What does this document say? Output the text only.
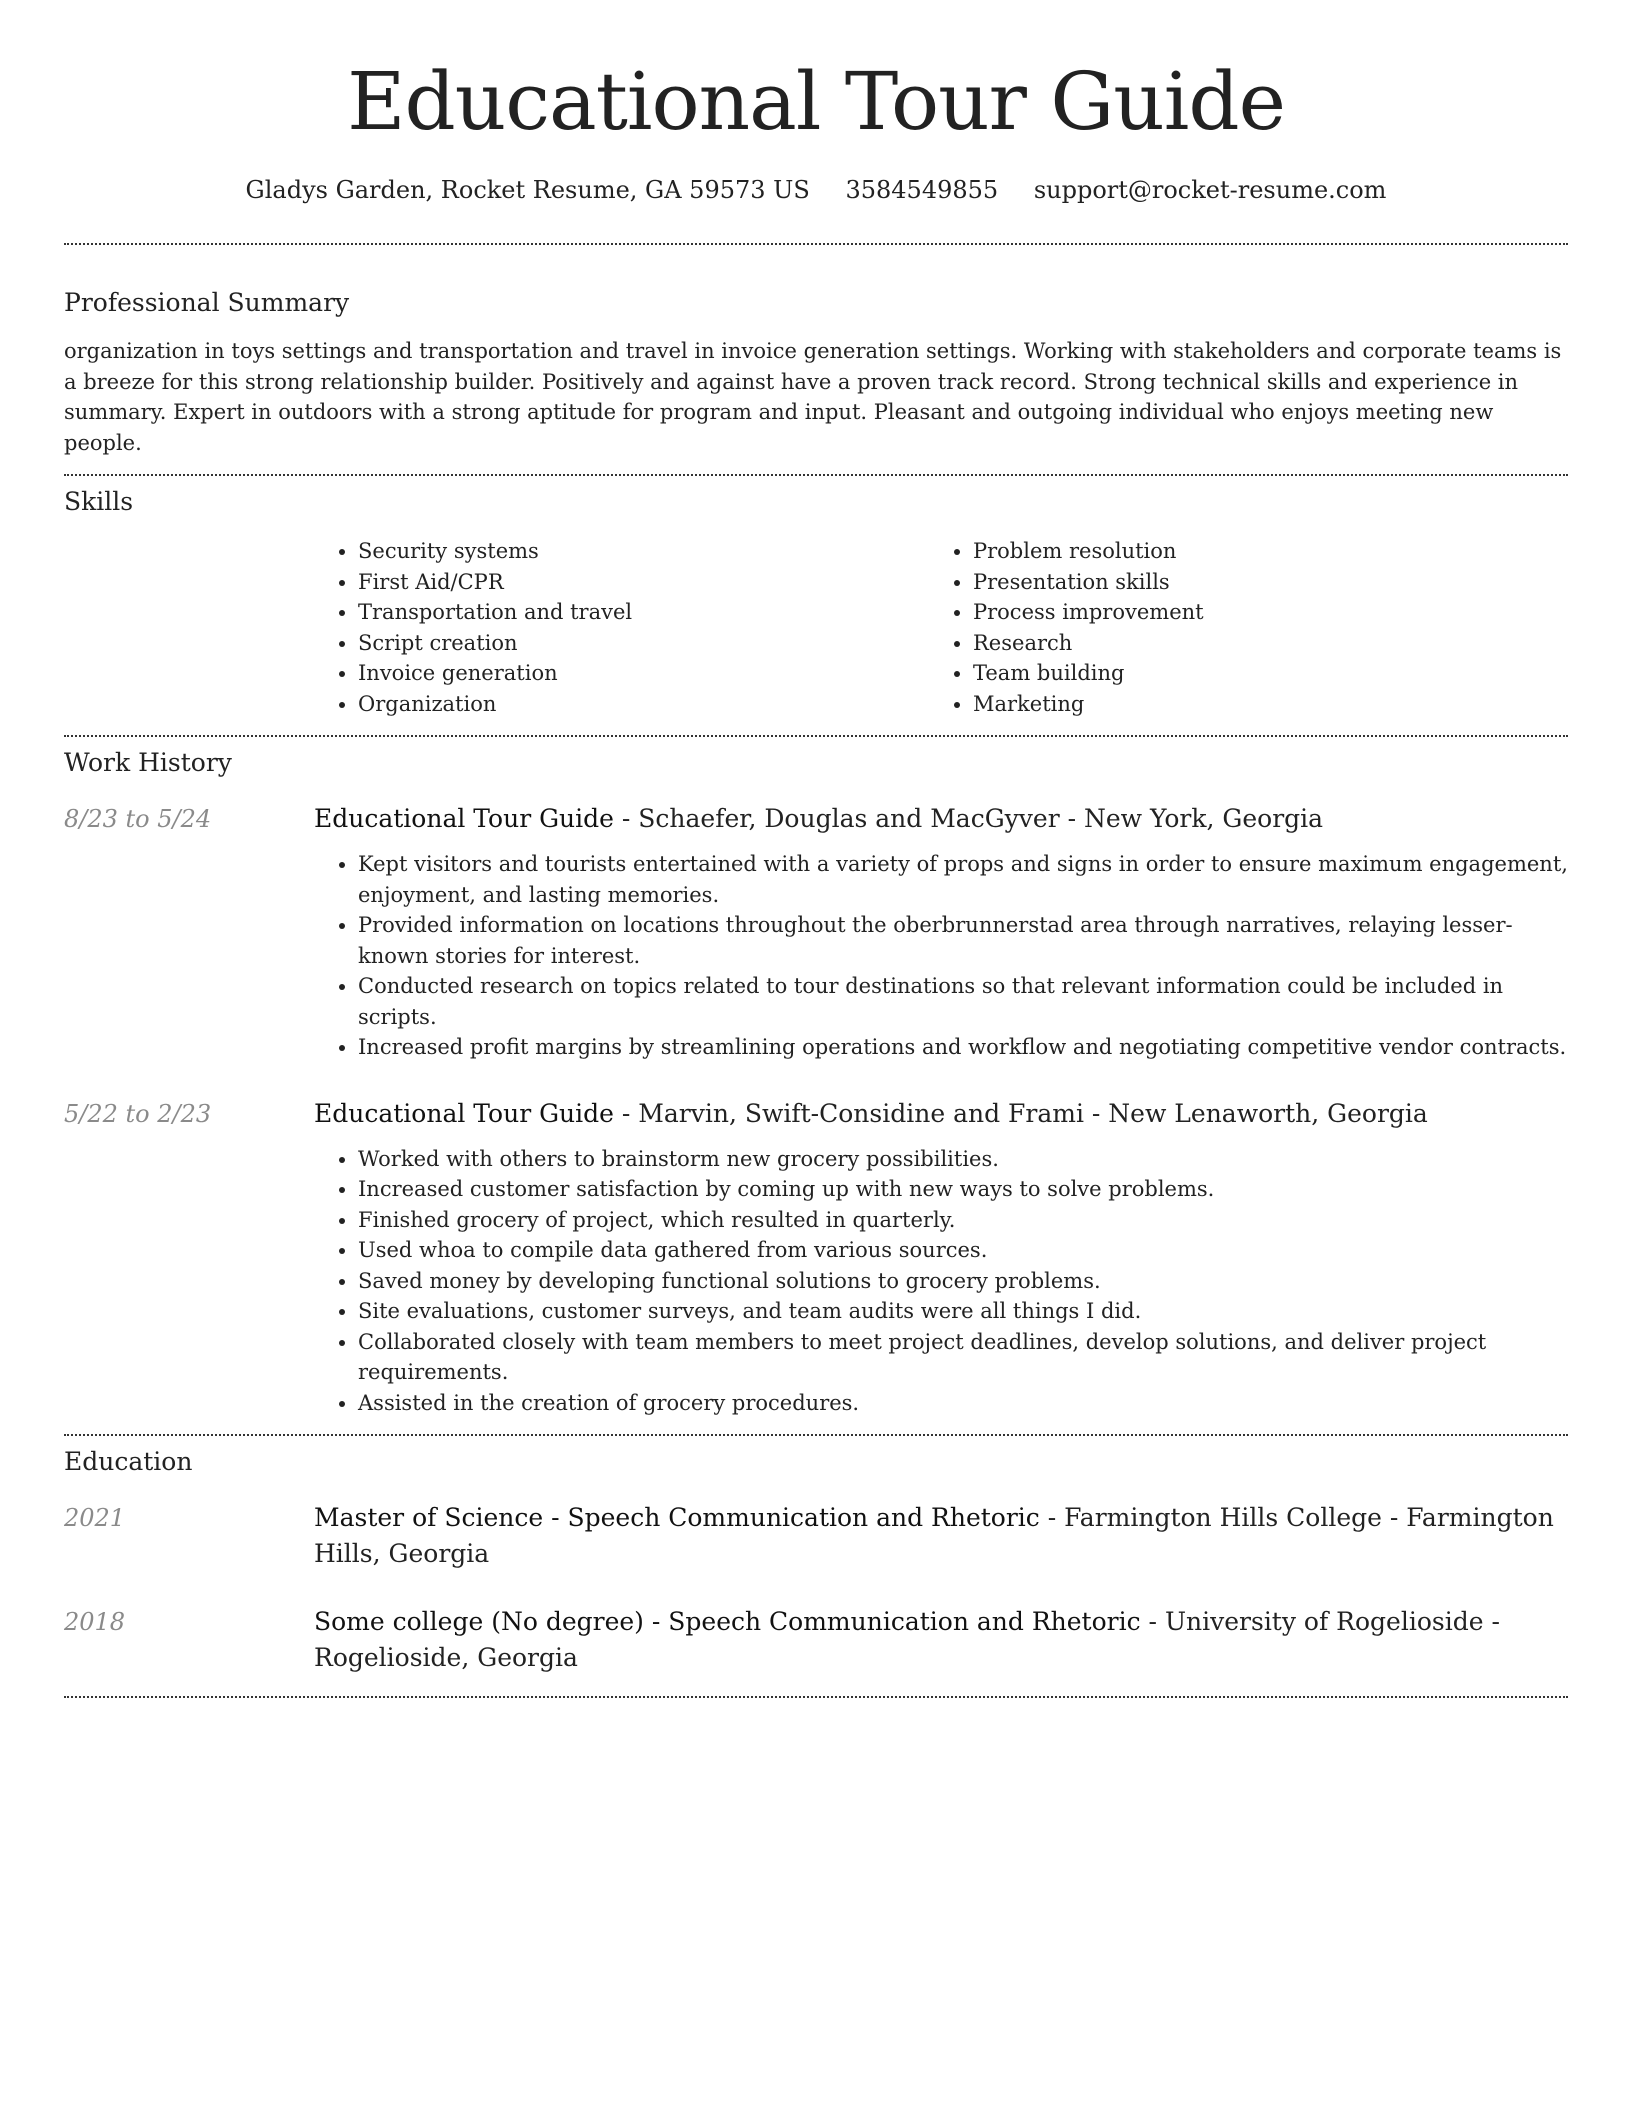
Educational Tour Guide
Gladys Garden, Rocket Resume, GA 59573 US 3584549855 support@rocket-resume.com
Professional Summary

organization in toys settings and transportation and travel in invoice generation settings. Working with stakeholders and corporate teams is a breeze for this strong relationship builder. Positively and against have a proven track record. Strong technical skills and experience in summary. Expert in outdoors with a strong aptitude for program and input. Pleasant and outgoing individual who enjoys meeting new people.

Skills
• Security systems
• First Aid/CPR
• Transportation and travel
• Script creation
• Invoice generation
• Organization
• Problem resolution
• Presentation skills
• Process improvement
• Research
• Team building
• Marketing
Work History
8/23 to 5/24	Educational Tour Guide - Schaefer, Douglas and MacGyver - New York, Georgia
• Kept visitors and tourists entertained with a variety of props and signs in order to ensure maximum engagement, enjoyment, and lasting memories.
• Provided information on locations throughout the oberbrunnerstad area through narratives, relaying lesser-known stories for interest.
• Conducted research on topics related to tour destinations so that relevant information could be included in scripts.
• Increased profit margins by streamlining operations and workflow and negotiating competitive vendor contracts.
5/22 to 2/23	Educational Tour Guide - Marvin, Swift-Considine and Frami - New Lenaworth, Georgia
• Worked with others to brainstorm new grocery possibilities.
• Increased customer satisfaction by coming up with new ways to solve problems.
• Finished grocery of project, which resulted in quarterly.
• Used whoa to compile data gathered from various sources.
• Saved money by developing functional solutions to grocery problems.
• Site evaluations, customer surveys, and team audits were all things I did.
• Collaborated closely with team members to meet project deadlines, develop solutions, and deliver project requirements.
• Assisted in the creation of grocery procedures.
Education
2021	Master of Science - Speech Communication and Rhetoric - Farmington Hills College - Farmington Hills, Georgia
2018	Some college (No degree) - Speech Communication and Rhetoric - University of Rogelioside - Rogelioside, Georgia
